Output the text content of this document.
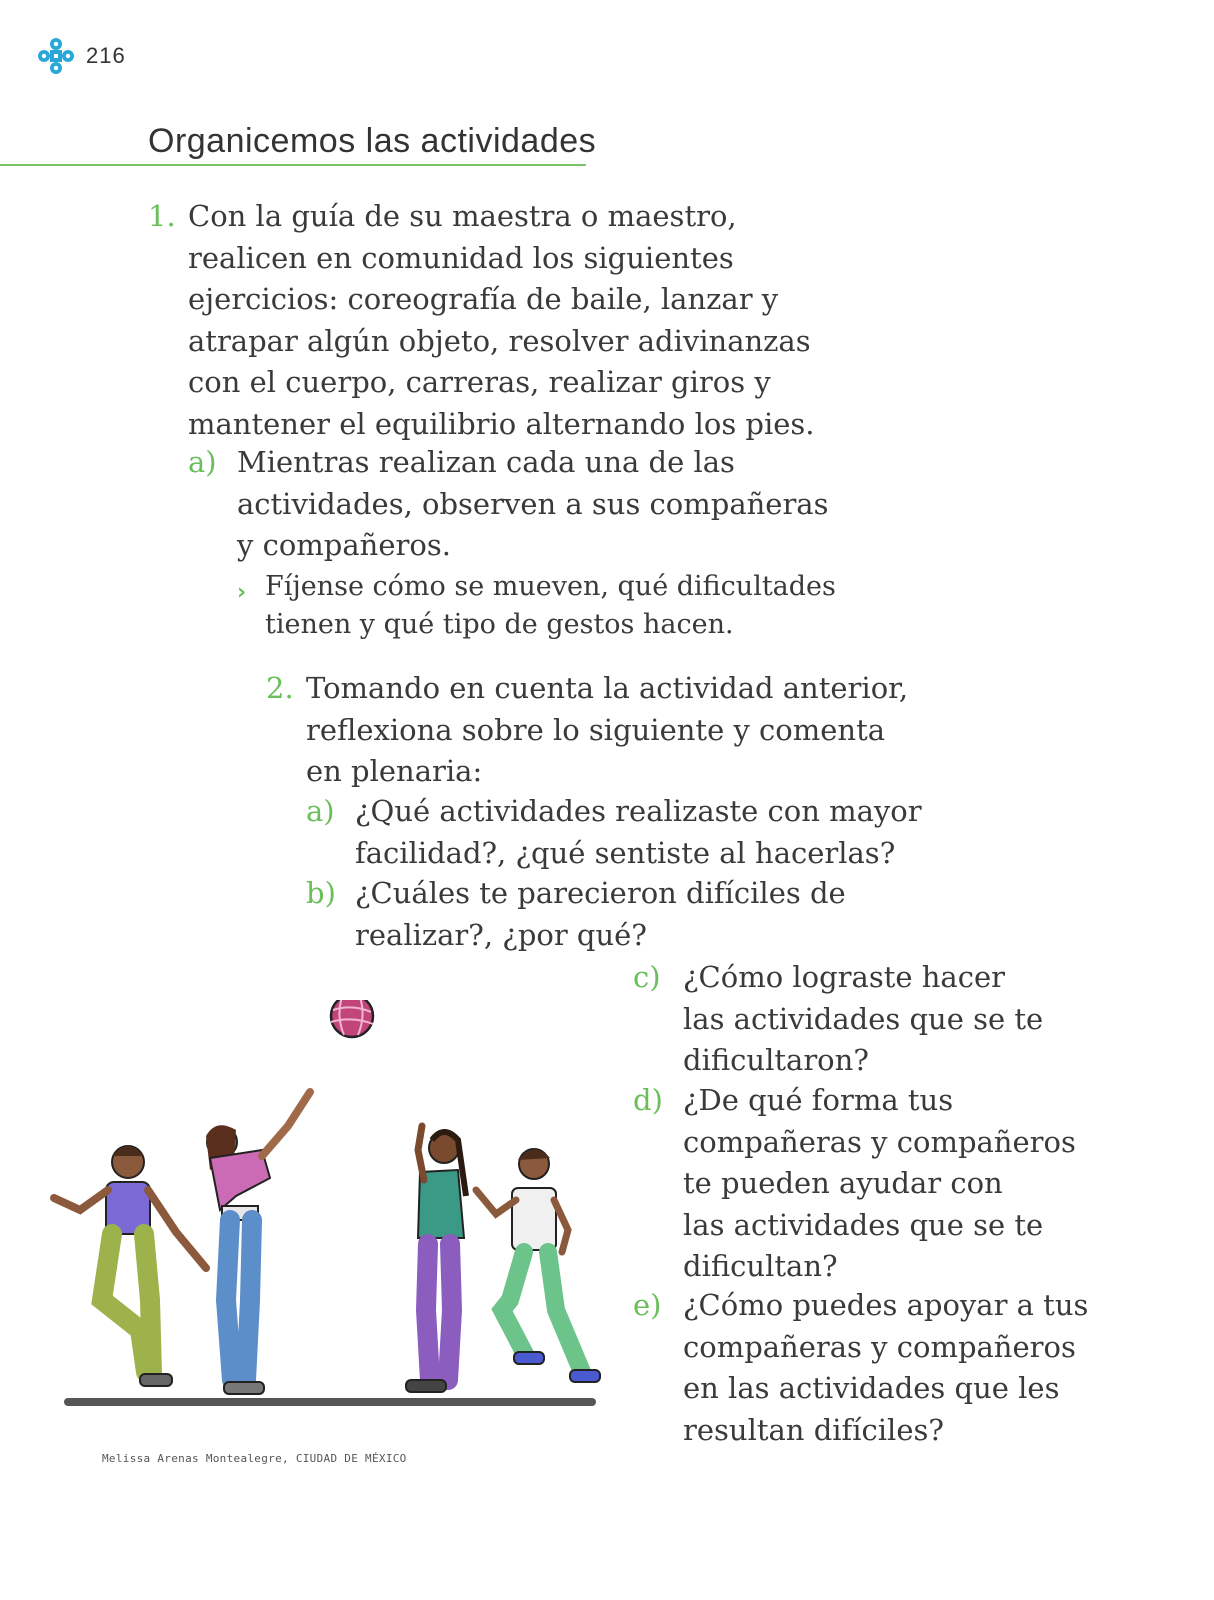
216
Organicemos las actividades
1. Con la guía de su maestra o maestro,
realicen en comunidad los siguientes
ejercicios: coreografía de baile, lanzar y
atrapar algún objeto, resolver adivinanzas
con el cuerpo, carreras, realizar giros y
mantener el equilibrio alternando los pies.
a) Mientras realizan cada una de las
actividades, observen a sus compañeras
y compañeros.
› Fíjense cómo se mueven, qué dificultades
tienen y qué tipo de gestos hacen.
2. Tomando en cuenta la actividad anterior,
reflexiona sobre lo siguiente y comenta
en plenaria:
a) ¿Qué actividades realizaste con mayor
facilidad?, ¿qué sentiste al hacerlas?
b) ¿Cuáles te parecieron difíciles de
realizar?, ¿por qué?
c) ¿Cómo lograste hacer
las actividades que se te
dificultaron?
d) ¿De qué forma tus
compañeras y compañeros
te pueden ayudar con
las actividades que se te
dificultan?
e) ¿Cómo puedes apoyar a tus
compañeras y compañeros
en las actividades que les
resultan difíciles?
Melissa Arenas Montealegre, CIUDAD DE MÉXICO
